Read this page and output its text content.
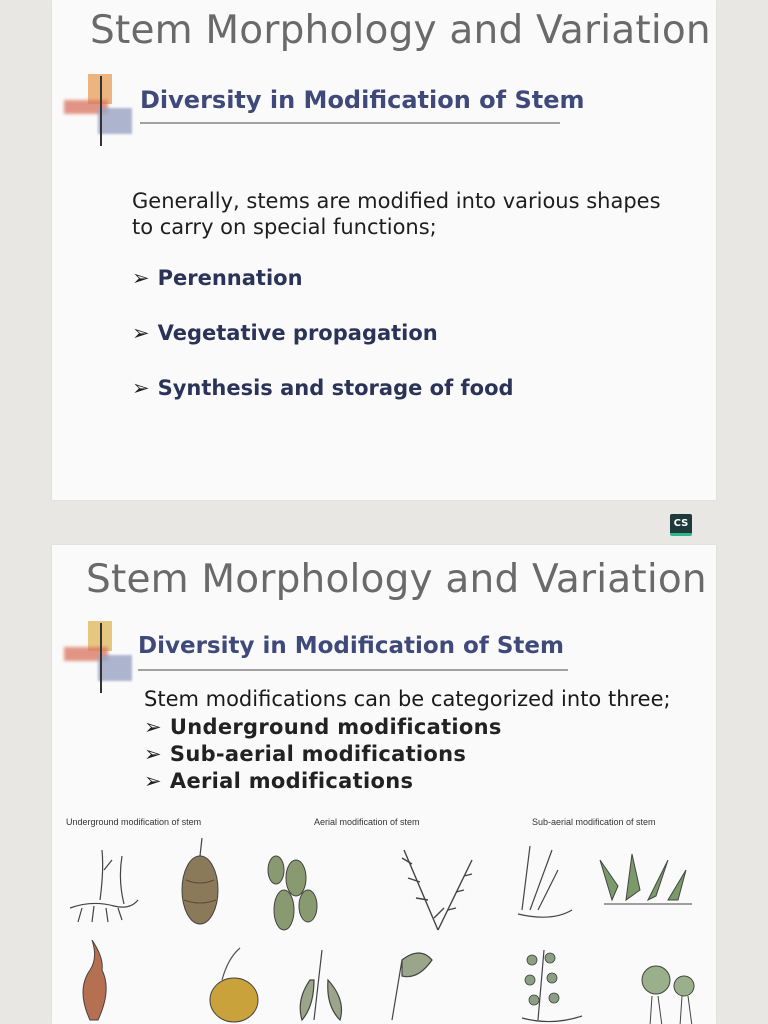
Stem Morphology and Variation
Diversity in Modification of Stem
Generally, stems are modified into various shapes to carry on special functions;
➢ Perennation
➢ Vegetative propagation
➢ Synthesis and storage of food
CS
Stem Morphology and Variation
Diversity in Modification of Stem
Stem modifications can be categorized into three;
➢ Underground modifications
➢ Sub-aerial modifications
➢ Aerial modifications
Underground modification of stem	Aerial modification of stem	Sub-aerial modification of stem
